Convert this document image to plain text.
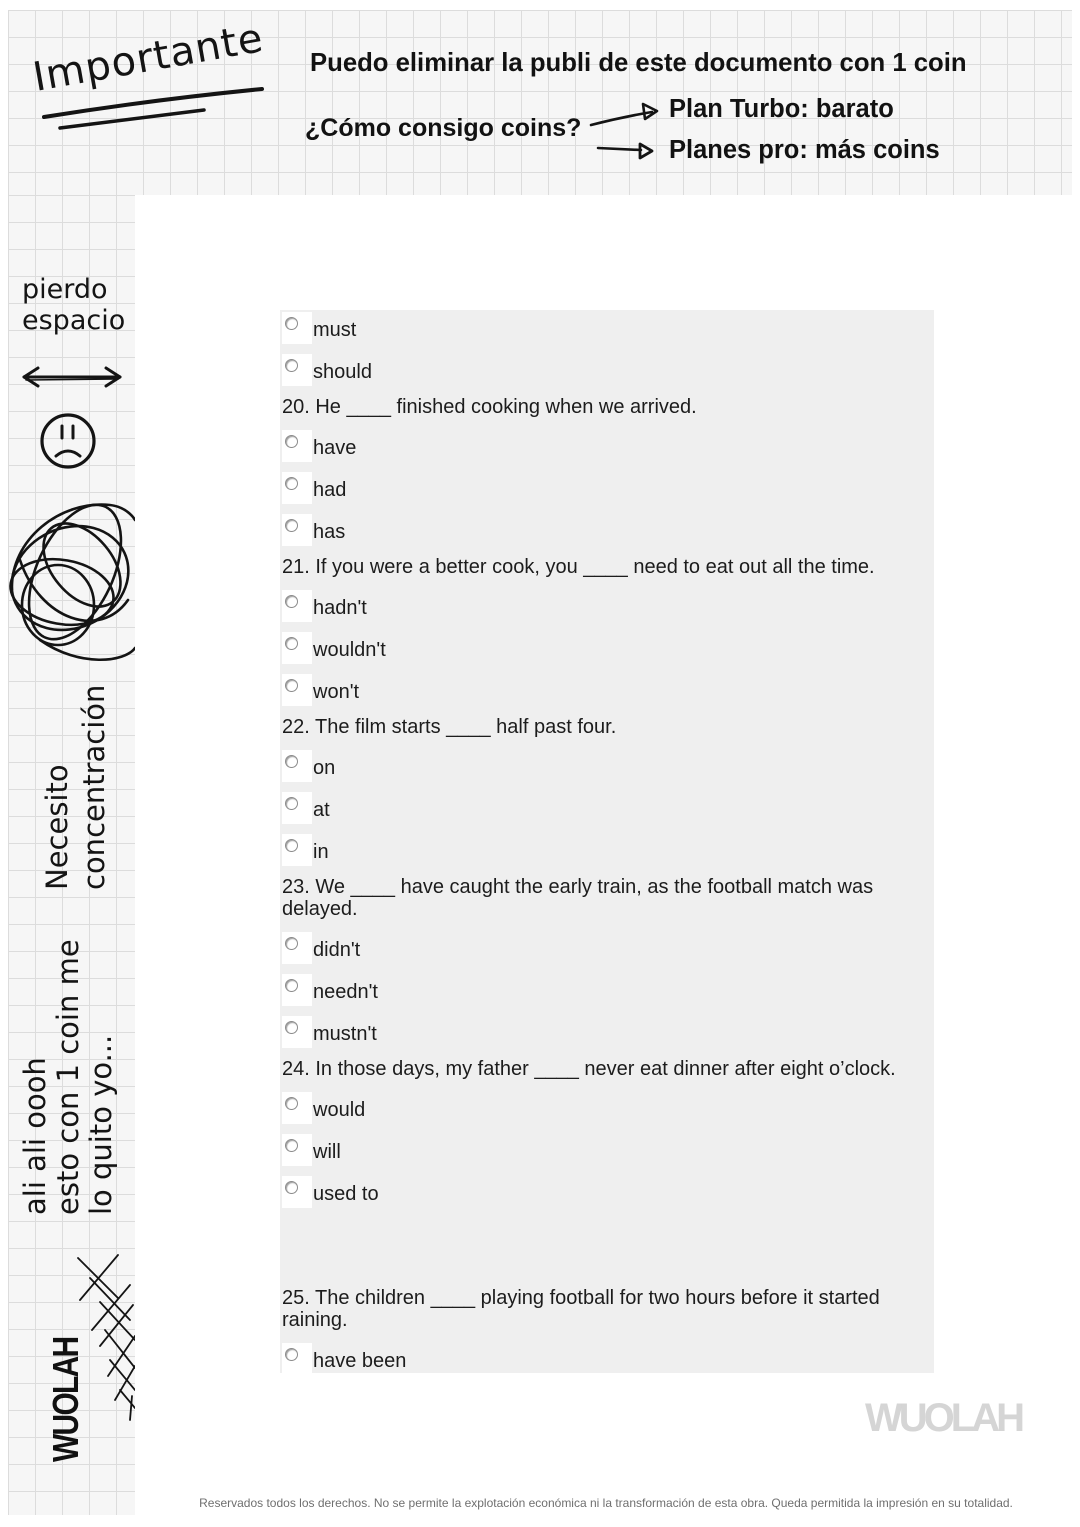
Importante Puedo eliminar la publi de este documento con 1 coin
¿Cómo consigo coins?
Plan Turbo: barato
Planes pro: más coins
pierdo
espacio
Necesito concentración
ali ali oooh esto con 1 coin me lo quito yo...
WUOLAH
must
should
20. He ____ finished cooking when we arrived.
have
had
has
21. If you were a better cook, you ____ need to eat out all the time.
hadn't
wouldn't
won't
22. The film starts ____ half past four.
on
at
in
23. We ____ have caught the early train, as the football match was delayed.
didn't
needn't
mustn't
24. In those days, my father ____ never eat dinner after eight o’clock.
would
will
used to
25. The children ____ playing football for two hours before it started raining.
have been
WUOLAH
Reservados todos los derechos. No se permite la explotación económica ni la transformación de esta obra. Queda permitida la impresión en su totalidad.
